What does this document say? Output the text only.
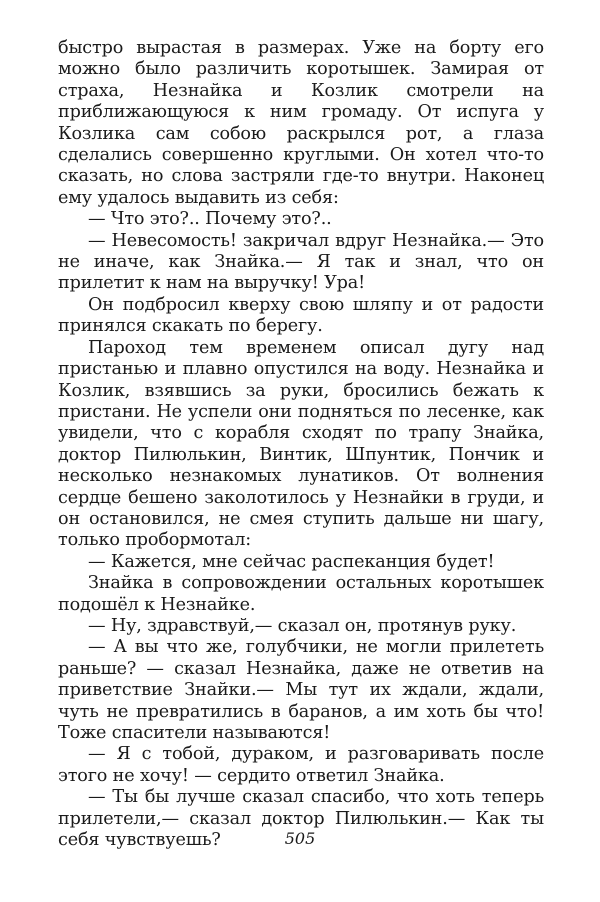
быстро вырастая в размерах. Уже на борту его можно было различить коротышек. Замирая от страха, Незнайка и Козлик смотрели на приближающуюся к ним громаду. От испуга у Козлика сам собою раскрылся рот, а глаза сделались совершенно круглыми. Он хотел что-то сказать, но слова застряли где-то внутри. Наконец ему удалось выдавить из себя:

— Что это?.. Почему это?..

— Невесомость! закричал вдруг Незнайка.— Это не иначе, как Знайка.— Я так и знал, что он прилетит к нам на выручку! Ура!

Он подбросил кверху свою шляпу и от радости принялся скакать по берегу.

Пароход тем временем описал дугу над пристанью и плавно опустился на воду. Незнайка и Козлик, взявшись за руки, бросились бежать к пристани. Не успели они подняться по лесенке, как увидели, что с корабля сходят по трапу Знайка, доктор Пилюлькин, Винтик, Шпунтик, Пончик и несколько незнакомых лунатиков. От волнения сердце бешено заколотилось у Незнайки в груди, и он остановился, не смея ступить дальше ни шагу, только пробормотал:

— Кажется, мне сейчас распеканция будет!

Знайка в сопровождении остальных коротышек подошёл к Незнайке.

— Ну, здравствуй,— сказал он, протянув руку.

— А вы что же, голубчики, не могли прилететь раньше? — сказал Незнайка, даже не ответив на приветствие Знайки.— Мы тут их ждали, ждали, чуть не превратились в баранов, а им хоть бы что! Тоже спасители называются!

— Я с тобой, дураком, и разговаривать после этого не хочу! — сердито ответил Знайка.

— Ты бы лучше сказал спасибо, что хоть теперь прилетели,— сказал доктор Пилюлькин.— Как ты себя чувствуешь?	505
